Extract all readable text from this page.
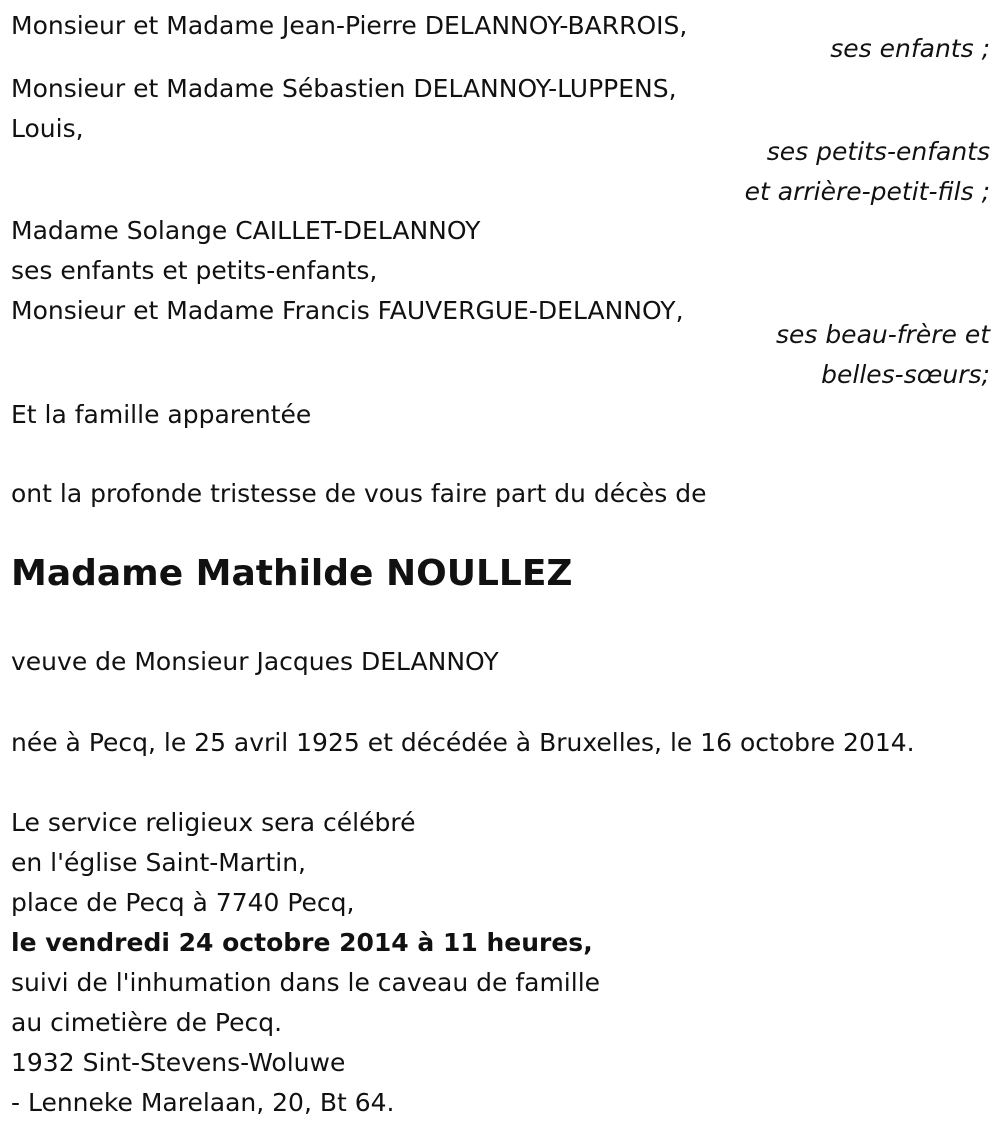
Monsieur et Madame Jean-Pierre DELANNOY-BARROIS,
ses enfants ;
Monsieur et Madame Sébastien DELANNOY-LUPPENS,
Louis,
ses petits-enfants
et arrière-petit-fils ;
Madame Solange CAILLET-DELANNOY
ses enfants et petits-enfants,
Monsieur et Madame Francis FAUVERGUE-DELANNOY,
ses beau-frère et
belles-sœurs;
Et la famille apparentée
ont la profonde tristesse de vous faire part du décès de
Madame Mathilde NOULLEZ
veuve de Monsieur Jacques DELANNOY
née à Pecq, le 25 avril 1925 et décédée à Bruxelles, le 16 octobre 2014.
Le service religieux sera célébré
en l'église Saint-Martin,
place de Pecq à 7740 Pecq,
le vendredi 24 octobre 2014 à 11 heures,
suivi de l'inhumation dans le caveau de famille
au cimetière de Pecq.
1932 Sint-Stevens-Woluwe
- Lenneke Marelaan, 20, Bt 64.
